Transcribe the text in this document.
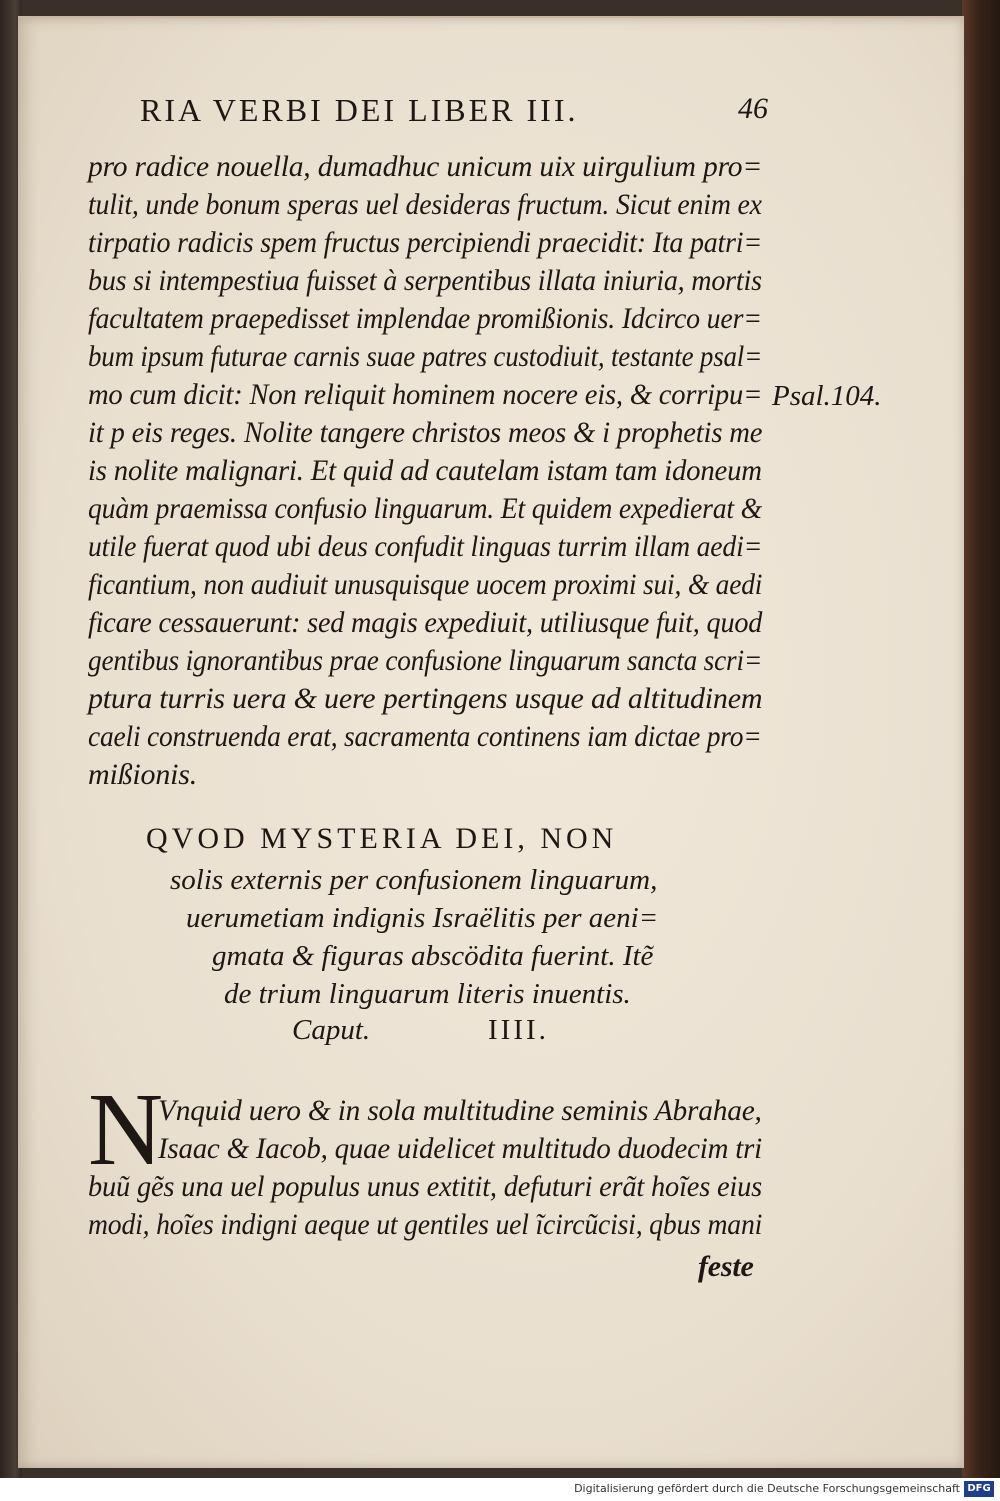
RIA VERBI DEI LIBER III.	46
pro radice nouella, dumadhuc unicum uix uirgulium pro=
tulit, unde bonum speras uel desideras fructum. Sicut enim ex
tirpatio radicis spem fructus percipiendi praecidit: Ita patri=
bus si intempestiua fuisset à serpentibus illata iniuria, mortis
facultatem praepedisset implendae promißionis. Idcirco uer=
bum ipsum futurae carnis suae patres custodiuit, testante psal=
mo cum dicit: Non reliquit hominem nocere eis, & corripu=
it p eis reges. Nolite tangere christos meos & i prophetis me
is nolite malignari. Et quid ad cautelam istam tam idoneum
quàm praemissa confusio linguarum. Et quidem expedierat &
utile fuerat quod ubi deus confudit linguas turrim illam aedi=
ficantium, non audiuit unusquisque uocem proximi sui, & aedi
ficare cessauerunt: sed magis expediuit, utiliusque fuit, quod
gentibus ignorantibus prae confusione linguarum sancta scri=
ptura turris uera & uere pertingens usque ad altitudinem
caeli construenda erat, sacramenta continens iam dictae pro=
mißionis.
Psal.104.
QVOD MYSTERIA DEI, NON
solis externis per confusionem linguarum,
uerumetiam indignis Israëlitis per aeni=
gmata & figuras abscödita fuerint. Itẽ
de trium linguarum literis inuentis.
Caput.	IIII.
N
Vnquid uero & in sola multitudine seminis Abrahae,
Isaac & Iacob, quae uidelicet multitudo duodecim tri
buũ gẽs una uel populus unus extitit, defuturi erãt hoĩes eius
modi, hoĩes indigni aeque ut gentiles uel ĩcircũcisi, qbus mani
feste
Digitalisierung gefördert durch die Deutsche Forschungsgemeinschaft DFG
